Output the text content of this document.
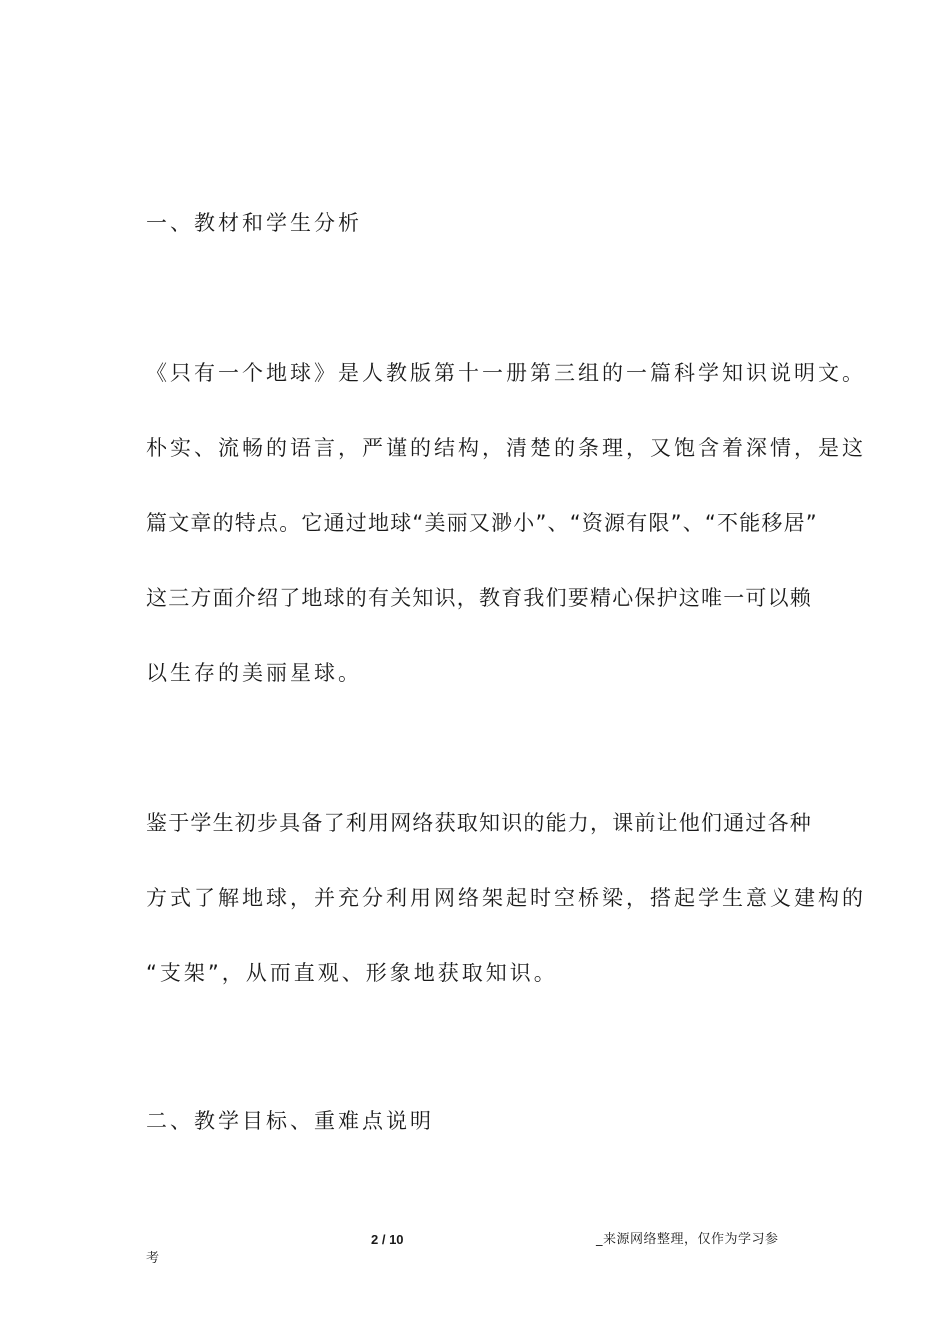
一、教材和学生分析
《只有一个地球》是人教版第十一册第三组的一篇科学知识说明文。
朴实、流畅的语言，严谨的结构，清楚的条理，又饱含着深情，是这
篇文章的特点。它通过地球“美丽又渺小”、“资源有限”、“不能移居”
这三方面介绍了地球的有关知识，教育我们要精心保护这唯一可以赖
以生存的美丽星球。
鉴于学生初步具备了利用网络获取知识的能力，课前让他们通过各种
方式了解地球，并充分利用网络架起时空桥梁，搭起学生意义建构的
“支架”，从而直观、形象地获取知识。
二、教学目标、重难点说明
2 / 10	_来源网络整理，仅作为学习参
考
